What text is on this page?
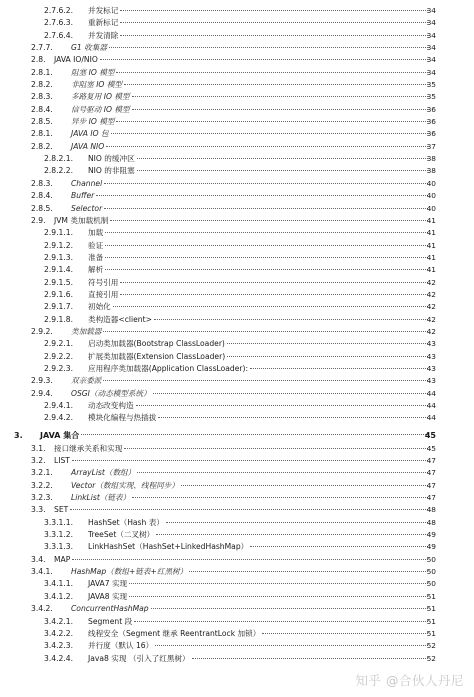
2.7.6.2. 并发标记	34
2.7.6.3. 重新标记	34
2.7.6.4. 并发清除	34
2.7.7. G1 收集器	34
2.8. JAVA IO/NIO	34
2.8.1. 阻塞 IO 模型	34
2.8.2. 非阻塞 IO 模型	35
2.8.3. 多路复用 IO 模型	35
2.8.4. 信号驱动 IO 模型	36
2.8.5. 异步 IO 模型	36
2.8.1. JAVA IO 包	36
2.8.2. JAVA NIO	37
2.8.2.1. NIO 的缓冲区	38
2.8.2.2. NIO 的非阻塞	38
2.8.3. Channel	40
2.8.4. Buffer	40
2.8.5. Selector	40
2.9. JVM 类加载机制	41
2.9.1.1. 加载	41
2.9.1.2. 验证	41
2.9.1.3. 准备	41
2.9.1.4. 解析	41
2.9.1.5. 符号引用	42
2.9.1.6. 直接引用	42
2.9.1.7. 初始化	42
2.9.1.8. 类构造器<client>	42
2.9.2. 类加载器	42
2.9.2.1. 启动类加载器(Bootstrap ClassLoader)	43
2.9.2.2. 扩展类加载器(Extension ClassLoader)	43
2.9.2.3. 应用程序类加载器(Application ClassLoader):	43
2.9.3. 双亲委派	43
2.9.4. OSGI（动态模型系统）	44
2.9.4.1. 动态改变构造	44
2.9.4.2. 模块化编程与热插拔	44
3. JAVA 集合	45
3.1. 接口继承关系和实现	45
3.2. LIST	47
3.2.1. ArrayList（数组）	47
3.2.2. Vector（数组实现、线程同步）	47
3.2.3. LinkList（链表）	47
3.3. SET	48
3.3.1.1. HashSet（Hash 表）	48
3.3.1.2. TreeSet（二叉树）	49
3.3.1.3. LinkHashSet（HashSet+LinkedHashMap）	49
3.4. MAP	50
3.4.1. HashMap（数组+链表+红黑树）	50
3.4.1.1. JAVA7 实现	50
3.4.1.2. JAVA8 实现	51
3.4.2. ConcurrentHashMap	51
3.4.2.1. Segment 段	51
3.4.2.2. 线程安全（Segment 继承 ReentrantLock 加锁）	51
3.4.2.3. 并行度（默认 16）	52
3.4.2.4. Java8 实现 （引入了红黑树）	52
知乎 @合伙人丹尼
